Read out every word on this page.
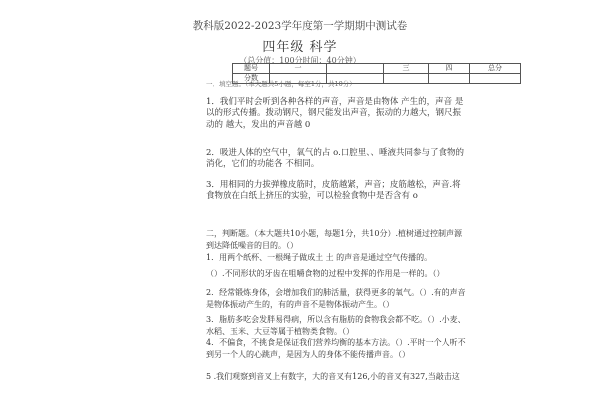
教科版2022-2023学年度第一学期期中测试卷
四年级 科学
（总分值：100分时间：40分钟）
题号	一		三	四	总分
分数					
一．填空题。（本大题共5小题，每空1分，共10分）
1．我们平时会听到各种各样的声音，声音是由物体 产生的，声音 是以的形式传播。拨动钢尺，钢尺能发出声音，振动的力越大，钢尺振动的 越大，发出的声音越 0
2．吸进人体的空气中，氧气的占 o.口腔里、、唾液共同参与了食物的消化，它们的功能各 不相同。
3．用相同的力拔弹橡皮筋时，皮筋越紧，声音；皮筋越松，声音.将食物放在白纸上挤压的实验，可以检验食物中是否含有 o
二，判断题。（本大题共10小题，每题1分，共10分）.植树通过控制声源到达降低噪音的目的。（）
1．用两个纸杯、一根绳子做成土 土 的声音是通过空气传播的。
（）.不同形状的牙齿在咀嚼食物的过程中发挥的作用是一样的。（）
2．经常锻炼身体，会增加我们的肺活量，获得更多的氧气。（）.有的声音是物体振动产生的，有的声音不是物体振动产生。（）
3．脂肪多吃会发胖易得病，所以含有脂肪的食物我会都不吃。（）.小麦、水稻、玉米、大豆等属于植物类食物。（）
4．不偏食，不挑食是保证我们营养均衡的基本方法。（）.平时一个人听不到另一个人的心跳声，是因为人的身体不能传播声音。（）
5 .我们观察到音叉上有数字，大的音叉有126,小的音叉有327,当敲击这
